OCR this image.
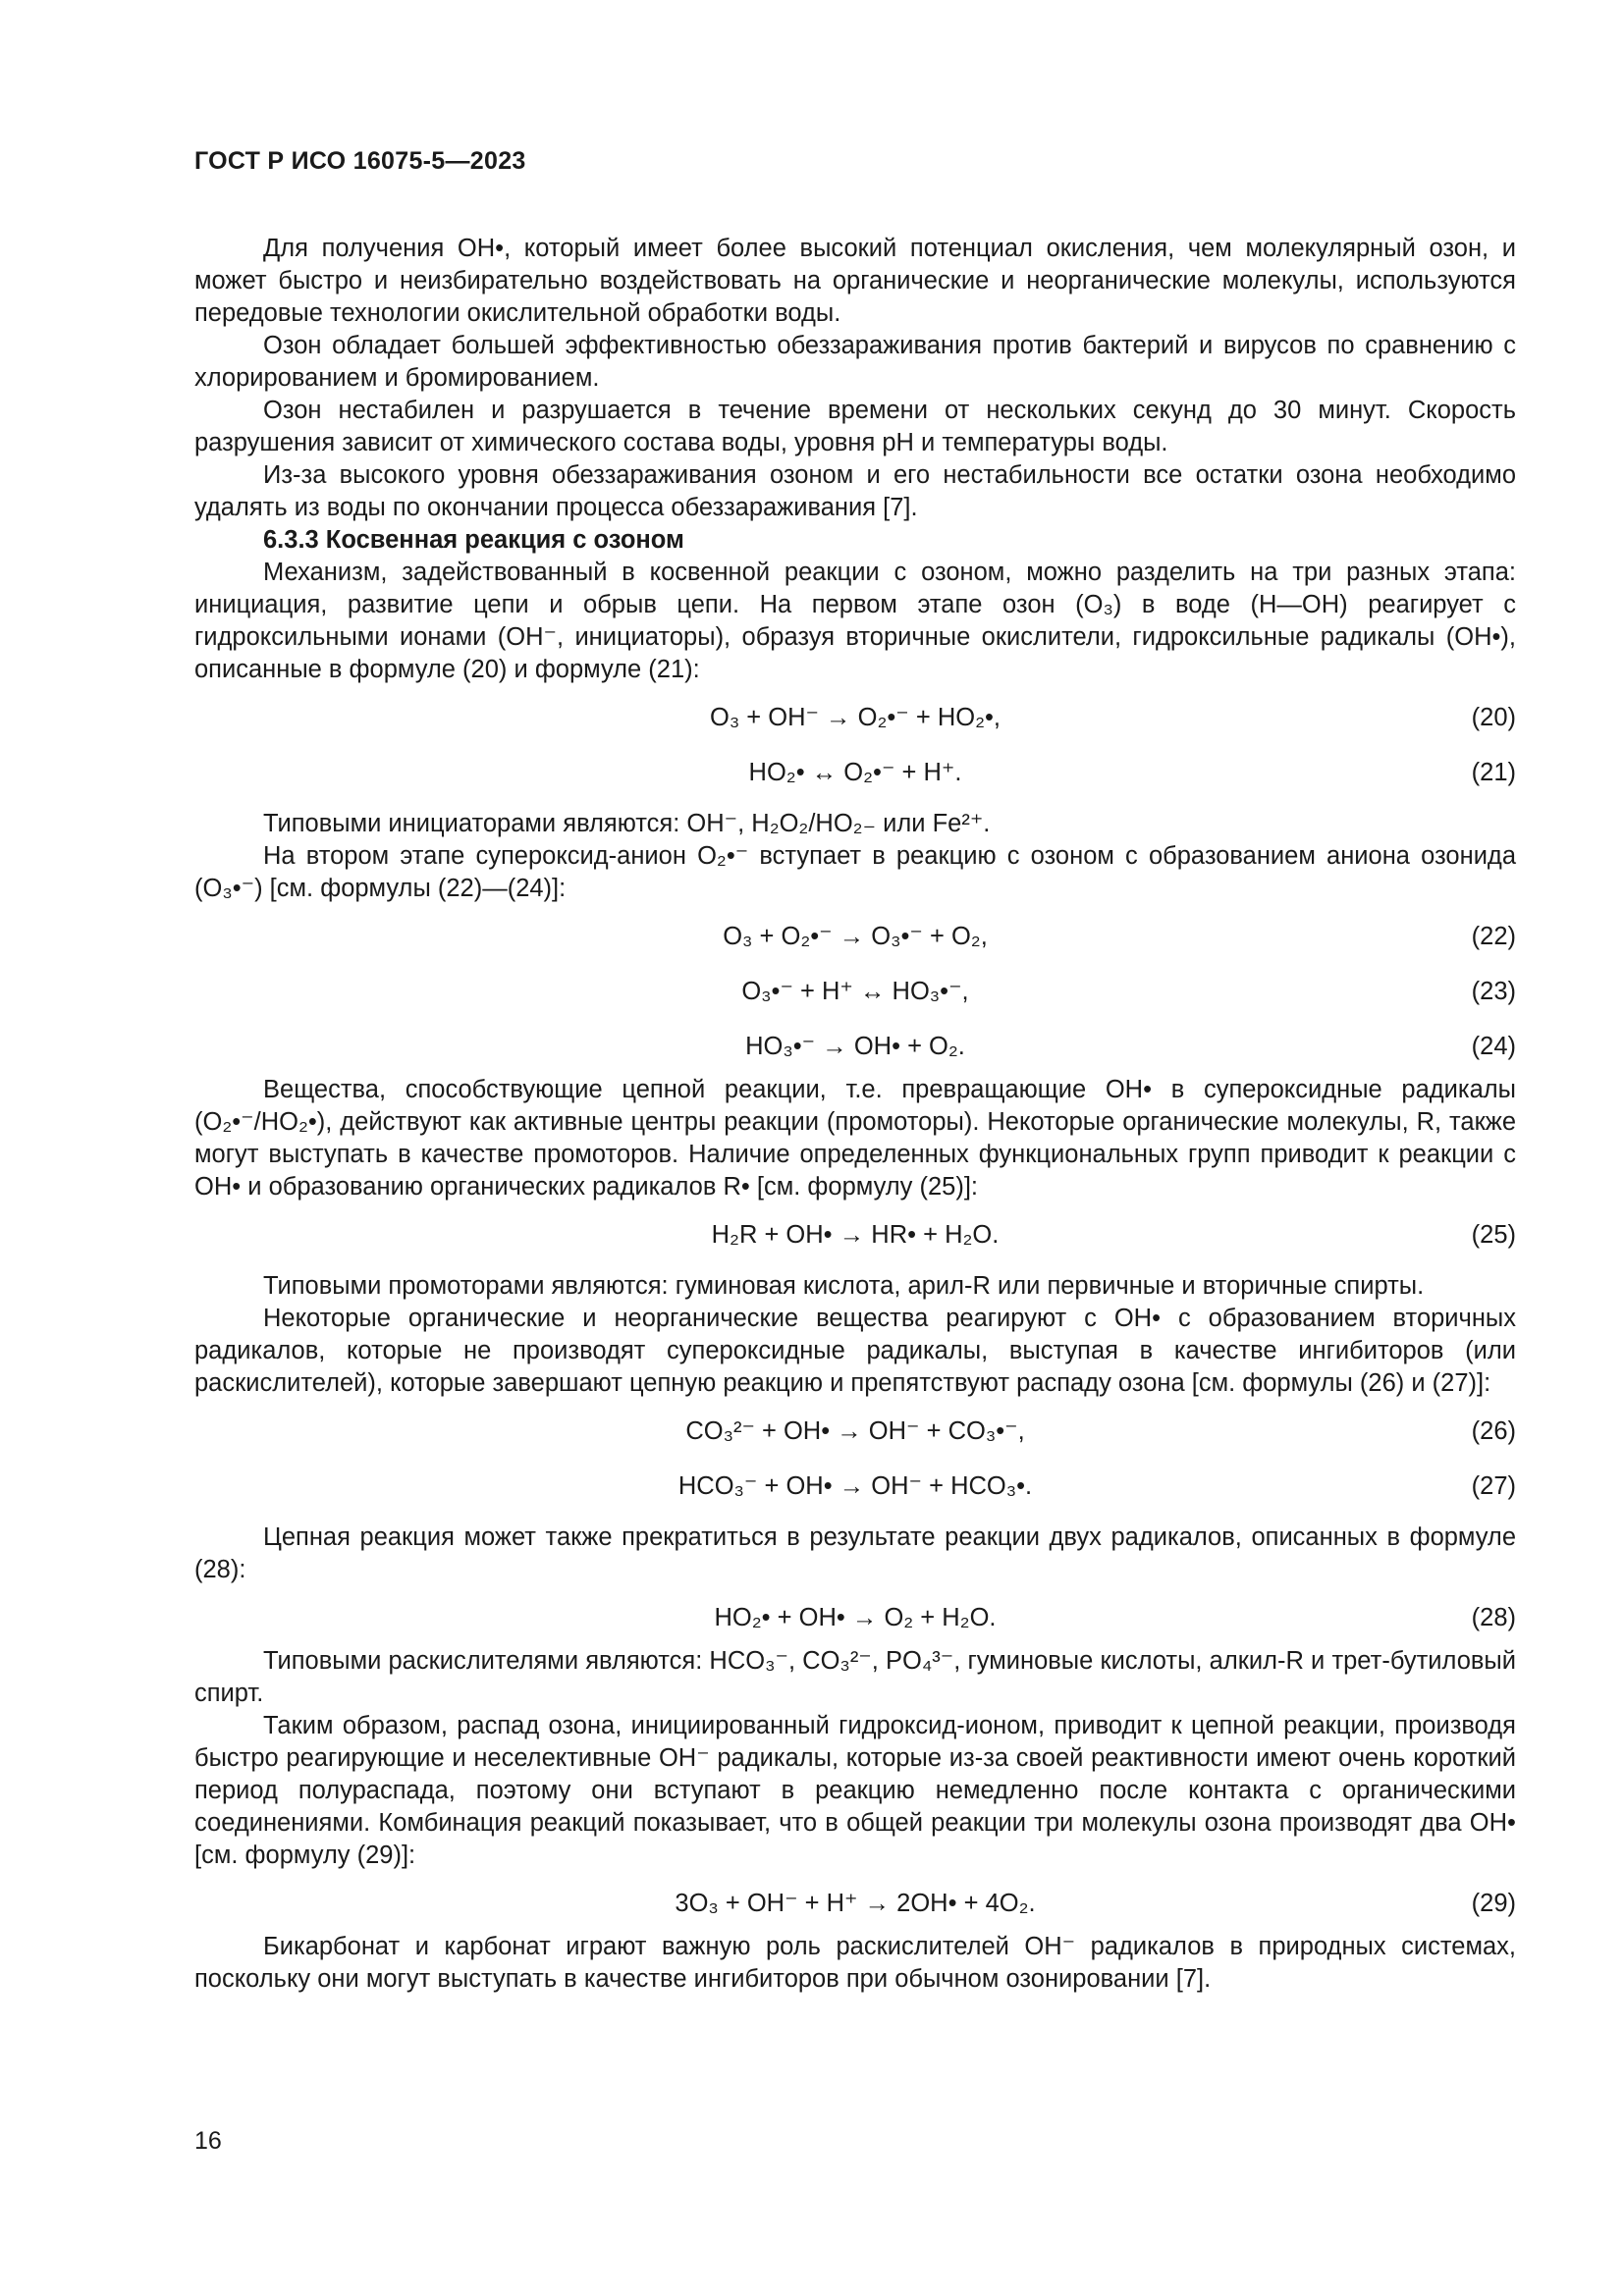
ГОСТ Р ИСО 16075-5—2023

Для получения ОН•, который имеет более высокий потенциал окисления, чем молекулярный озон, и может быстро и неизбирательно воздействовать на органические и неорганические молекулы, используются передовые технологии окислительной обработки воды.

Озон обладает большей эффективностью обеззараживания против бактерий и вирусов по сравнению с хлорированием и бромированием.

Озон нестабилен и разрушается в течение времени от нескольких секунд до 30 минут. Скорость разрушения зависит от химического состава воды, уровня pH и температуры воды.

Из-за высокого уровня обеззараживания озоном и его нестабильности все остатки озона необходимо удалять из воды по окончании процесса обеззараживания [7].

6.3.3 Косвенная реакция с озоном

Механизм, задействованный в косвенной реакции с озоном, можно разделить на три разных этапа: инициация, развитие цепи и обрыв цепи. На первом этапе озон (O₃) в воде (H—OH) реагирует с гидроксильными ионами (OH⁻, инициаторы), образуя вторичные окислители, гидроксильные радикалы (OH•), описанные в формуле (20) и формуле (21):

O₃ + OH⁻ → O₂•⁻ + HO₂•,	(20)
HO₂• ↔ O₂•⁻ + H⁺.	(21)

Типовыми инициаторами являются: OH⁻, H₂O₂/HO₂₋ или Fe²⁺.

На втором этапе супероксид-анион O₂•⁻ вступает в реакцию с озоном с образованием аниона озонида (O₃•⁻) [см. формулы (22)—(24)]:

O₃ + O₂•⁻ → O₃•⁻ + O₂,	(22)
O₃•⁻ + H⁺ ↔ HO₃•⁻,	(23)
HO₃•⁻ → OH• + O₂.	(24)

Вещества, способствующие цепной реакции, т.е. превращающие OH• в супероксидные радикалы (O₂•⁻/HO₂•), действуют как активные центры реакции (промоторы). Некоторые органические молекулы, R, также могут выступать в качестве промоторов. Наличие определенных функциональных групп приводит к реакции с OH• и образованию органических радикалов R• [см. формулу (25)]:

H₂R + OH• → HR• + H₂O.	(25)

Типовыми промоторами являются: гуминовая кислота, арил-R или первичные и вторичные спирты.

Некоторые органические и неорганические вещества реагируют с OH• с образованием вторичных радикалов, которые не производят супероксидные радикалы, выступая в качестве ингибиторов (или раскислителей), которые завершают цепную реакцию и препятствуют распаду озона [см. формулы (26) и (27)]:

CO₃²⁻ + OH• → OH⁻ + CO₃•⁻,	(26)
HCO₃⁻ + OH• → OH⁻ + HCO₃•.	(27)

Цепная реакция может также прекратиться в результате реакции двух радикалов, описанных в формуле (28):

HO₂• + OH• → O₂ + H₂O.	(28)

Типовыми раскислителями являются: HCO₃⁻, CO₃²⁻, PO₄³⁻, гуминовые кислоты, алкил-R и трет-бутиловый спирт.

Таким образом, распад озона, инициированный гидроксид-ионом, приводит к цепной реакции, производя быстро реагирующие и неселективные OH⁻ радикалы, которые из-за своей реактивности имеют очень короткий период полураспада, поэтому они вступают в реакцию немедленно после контакта с органическими соединениями. Комбинация реакций показывает, что в общей реакции три молекулы озона производят два OH• [см. формулу (29)]:

3O₃ + OH⁻ + H⁺ → 2OH• + 4O₂.	(29)

Бикарбонат и карбонат играют важную роль раскислителей OH⁻ радикалов в природных системах, поскольку они могут выступать в качестве ингибиторов при обычном озонировании [7].

16
